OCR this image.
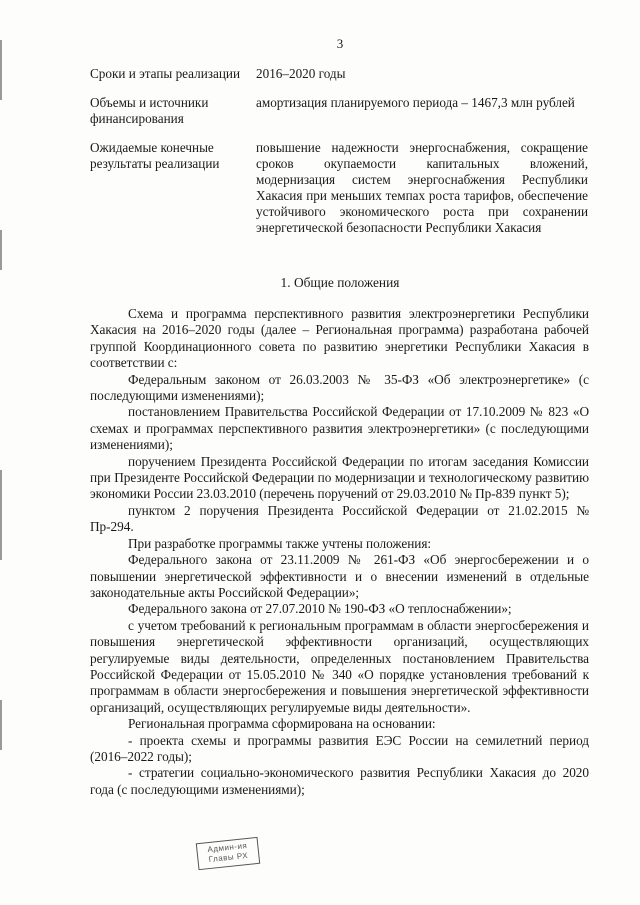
3
Сроки и этапы реализации	2016–2020 годы
Объемы и источники финансирования
амортизация планируемого периода – 1467,3 млн рублей
Ожидаемые конечные результаты реализации
повышение надежности энергоснабжения, сокращение сроков окупаемости капитальных вложений, модернизация систем энергоснабжения Республики Хакасия при меньших темпах роста тарифов, обеспечение устойчивого экономического роста при сохранении энергетической безопасности Республики Хакасия
1. Общие положения

Схема и программа перспективного развития электроэнергетики Республики Хакасия на 2016–2020 годы (далее – Региональная программа) разработана рабочей группой Координационного совета по развитию энергетики Республики Хакасия в соответствии с:

Федеральным законом от 26.03.2003 № 35-ФЗ «Об электроэнергетике» (с последующими изменениями);

постановлением Правительства Российской Федерации от 17.10.2009 № 823 «О схемах и программах перспективного развития электроэнергетики» (с последующими изменениями);

поручением Президента Российской Федерации по итогам заседания Комиссии при Президенте Российской Федерации по модернизации и технологическому развитию экономики России 23.03.2010 (перечень поручений от 29.03.2010 № Пр-839 пункт 5);

пунктом 2 поручения Президента Российской Федерации от 21.02.2015 № Пр-294.

При разработке программы также учтены положения:

Федерального закона от 23.11.2009 № 261-ФЗ «Об энергосбережении и о повышении энергетической эффективности и о внесении изменений в отдельные законодательные акты Российской Федерации»;

Федерального закона от 27.07.2010 № 190-ФЗ «О теплоснабжении»;

с учетом требований к региональным программам в области энергосбережения и повышения энергетической эффективности организаций, осуществляющих регулируемые виды деятельности, определенных постановлением Правительства Российской Федерации от 15.05.2010 № 340 «О порядке установления требований к программам в области энергосбережения и повышения энергетической эффективности организаций, осуществляющих регулируемые виды деятельности».

Региональная программа сформирована на основании:

- проекта схемы и программы развития ЕЭС России на семилетний период (2016–2022 годы);

- стратегии социально-экономического развития Республики Хакасия до 2020 года (с последующими изменениями);

Админ-ия
Главы РХ
